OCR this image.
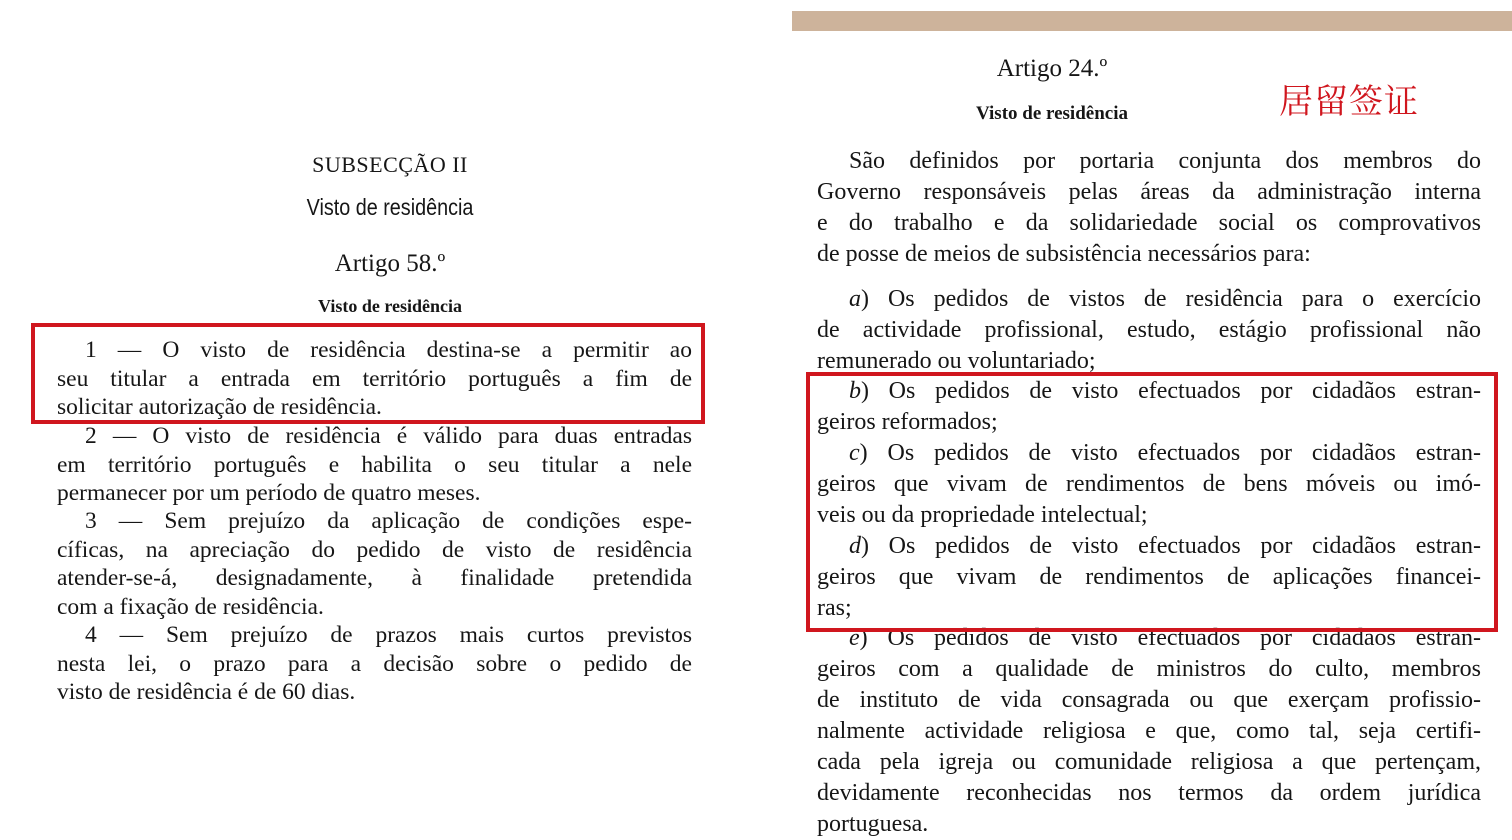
SUBSECÇÃO II
Visto de residência
Artigo 58.º
Visto de residência
1 — O visto de residência destina-se a permitir ao
seu titular a entrada em território português a fim de
solicitar autorização de residência.
2 — O visto de residência é válido para duas entradas
em território português e habilita o seu titular a nele
permanecer por um período de quatro meses.
3 — Sem prejuízo da aplicação de condições espe-
cíficas, na apreciação do pedido de visto de residência
atender-se-á, designadamente, à finalidade pretendida
com a fixação de residência.
4 — Sem prejuízo de prazos mais curtos previstos
nesta lei, o prazo para a decisão sobre o pedido de
visto de residência é de 60 dias.
Artigo 24.º
Visto de residência	居留签证
São definidos por portaria conjunta dos membros do
Governo responsáveis pelas áreas da administração interna
e do trabalho e da solidariedade social os comprovativos
de posse de meios de subsistência necessários para:
a) Os pedidos de vistos de residência para o exercício
de actividade profissional, estudo, estágio profissional não
remunerado ou voluntariado;
b) Os pedidos de visto efectuados por cidadãos estran-
geiros reformados;
c) Os pedidos de visto efectuados por cidadãos estran-
geiros que vivam de rendimentos de bens móveis ou imó-
veis ou da propriedade intelectual;
d) Os pedidos de visto efectuados por cidadãos estran-
geiros que vivam de rendimentos de aplicações financei-
ras;
e) Os pedidos de visto efectuados por cidadãos estran-
geiros com a qualidade de ministros do culto, membros
de instituto de vida consagrada ou que exerçam profissio-
nalmente actividade religiosa e que, como tal, seja certifi-
cada pela igreja ou comunidade religiosa a que pertençam,
devidamente reconhecidas nos termos da ordem jurídica
portuguesa.
